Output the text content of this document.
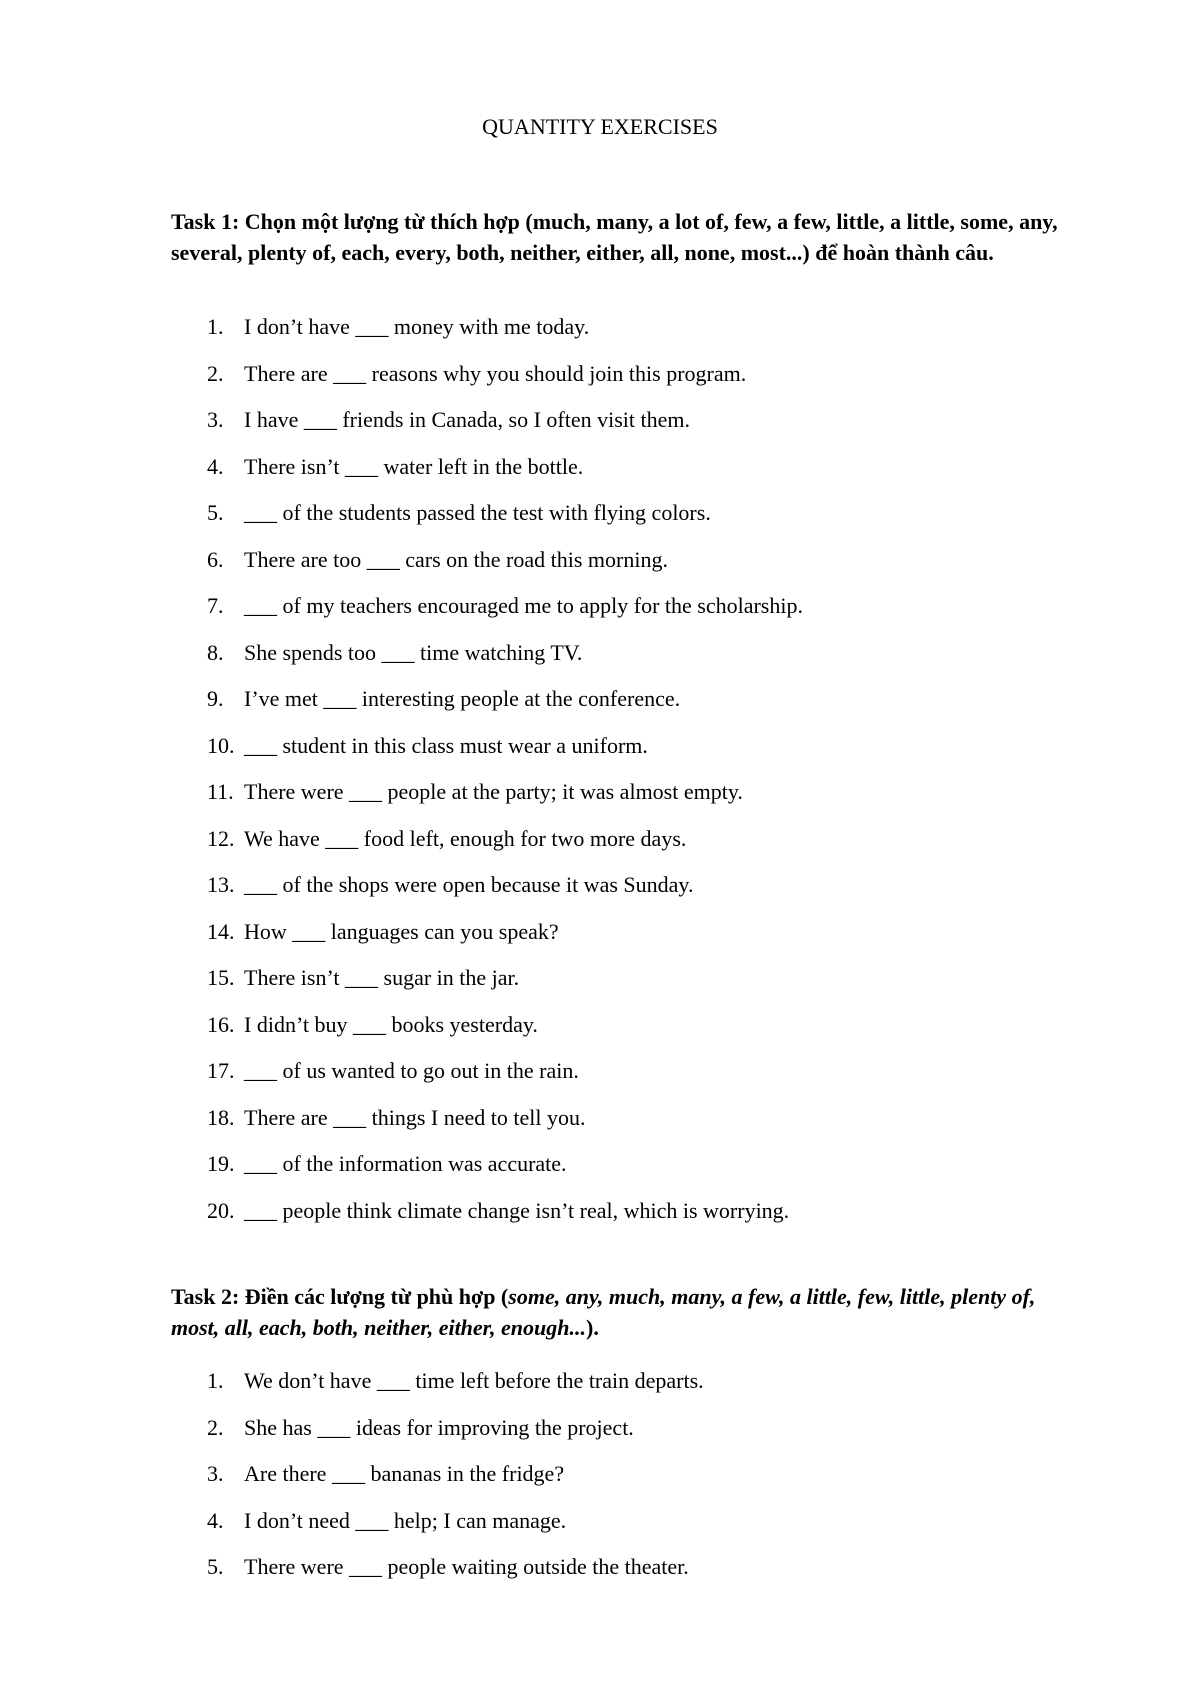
QUANTITY EXERCISES
Task 1: Chọn một lượng từ thích hợp (much, many, a lot of, few, a few, little, a little, some, any, several, plenty of, each, every, both, neither, either, all, none, most...) để hoàn thành câu.
1. I don’t have ___ money with me today.
2. There are ___ reasons why you should join this program.
3. I have ___ friends in Canada, so I often visit them.
4. There isn’t ___ water left in the bottle.
5. ___ of the students passed the test with flying colors.
6. There are too ___ cars on the road this morning.
7. ___ of my teachers encouraged me to apply for the scholarship.
8. She spends too ___ time watching TV.
9. I’ve met ___ interesting people at the conference.
10. ___ student in this class must wear a uniform.
11. There were ___ people at the party; it was almost empty.
12. We have ___ food left, enough for two more days.
13. ___ of the shops were open because it was Sunday.
14. How ___ languages can you speak?
15. There isn’t ___ sugar in the jar.
16. I didn’t buy ___ books yesterday.
17. ___ of us wanted to go out in the rain.
18. There are ___ things I need to tell you.
19. ___ of the information was accurate.
20. ___ people think climate change isn’t real, which is worrying.
Task 2: Điền các lượng từ phù hợp (some, any, much, many, a few, a little, few, little, plenty of, most, all, each, both, neither, either, enough...).
1. We don’t have ___ time left before the train departs.
2. She has ___ ideas for improving the project.
3. Are there ___ bananas in the fridge?
4. I don’t need ___ help; I can manage.
5. There were ___ people waiting outside the theater.
